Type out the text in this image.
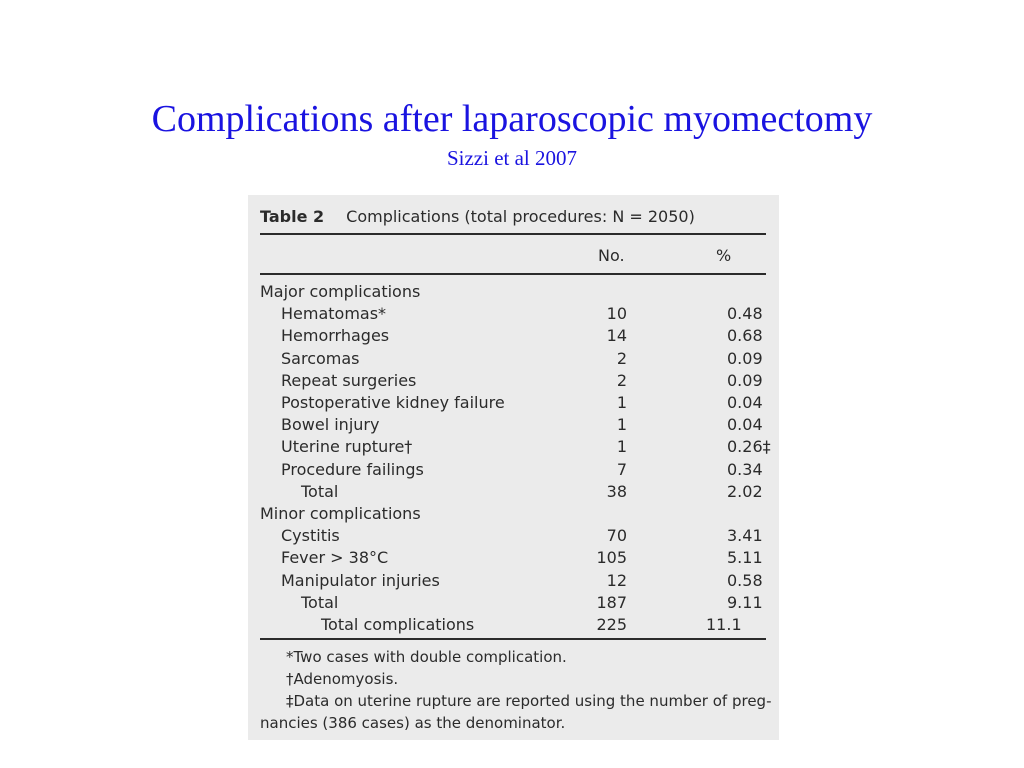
Complications after laparoscopic myomectomy
Sizzi et al 2007
Table 2 Complications (total procedures: N = 2050)
No.	%
Major complications
Hematomas*	10	0.48
Hemorrhages	14	0.68
Sarcomas	2	0.09
Repeat surgeries	2	0.09
Postoperative kidney failure	1	0.04
Bowel injury	1	0.04
Uterine rupture†	1	0.26‡
Procedure failings	7	0.34
Total	38	2.02
Minor complications
Cystitis	70	3.41
Fever > 38°C	105	5.11
Manipulator injuries	12	0.58
Total	187	9.11
Total complications	225	11.1
*Two cases with double complication.
†Adenomyosis.
‡Data on uterine rupture are reported using the number of preg-
nancies (386 cases) as the denominator.
